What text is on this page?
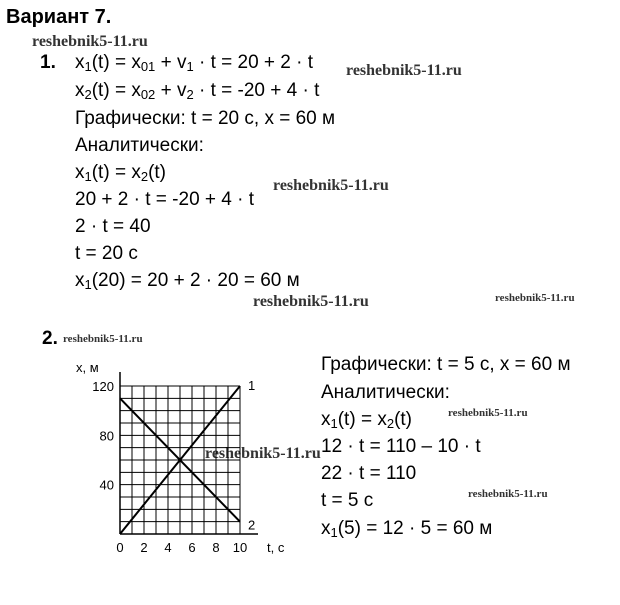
Вариант 7.
reshebnik5-11.ru
reshebnik5-11.ru
reshebnik5-11.ru
reshebnik5-11.ru	reshebnik5-11.ru
reshebnik5-11.ru
reshebnik5-11.ru
reshebnik5-11.ru
reshebnik5-11.ru
1. $x_1(t) = x_{01} + v_1 \cdot t = 20 + 2 \cdot t$
$x_2(t) = x_{02} + v_2 \cdot t = -20 + 4 \cdot t$
Графически: t = 20 с, x = 60 м
Аналитически:
$x_1(t) = x_2(t)$
20 + 2 · t = -20 + 4 · t
2 · t = 40
t = 20 с
$x_1(20) = 20 + 2 \cdot 20 = 60$ м
2.
1
2
0 2 4 6 8 10
40
80
120
t, с
x, м	Графически: t = 5 с, x = 60 м
Аналитически:
$x_1(t) = x_2(t)$
12 · t = 110 – 10 · t
22 · t = 110
t = 5 с
$x_1(5) = 12 \cdot 5 = 60$ м
